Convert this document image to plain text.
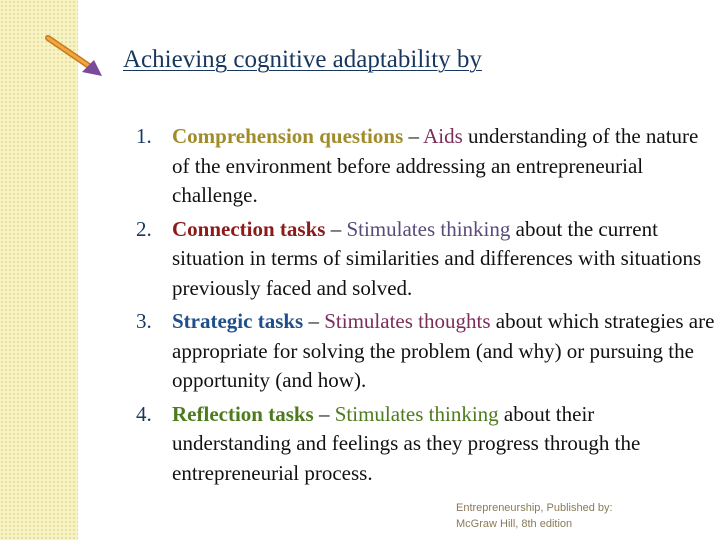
Achieving cognitive adaptability by
1. Comprehension questions – Aids understanding of the nature of the environment before addressing an entrepreneurial challenge.
2. Connection tasks – Stimulates thinking about the current situation in terms of similarities and differences with situations previously faced and solved.
3. Strategic tasks – Stimulates thoughts about which strategies are appropriate for solving the problem (and why) or pursuing the opportunity (and how).
4. Reflection tasks – Stimulates thinking about their understanding and feelings as they progress through the entrepreneurial process.
Entrepreneurship, Published by:
McGraw Hill, 8th edition
